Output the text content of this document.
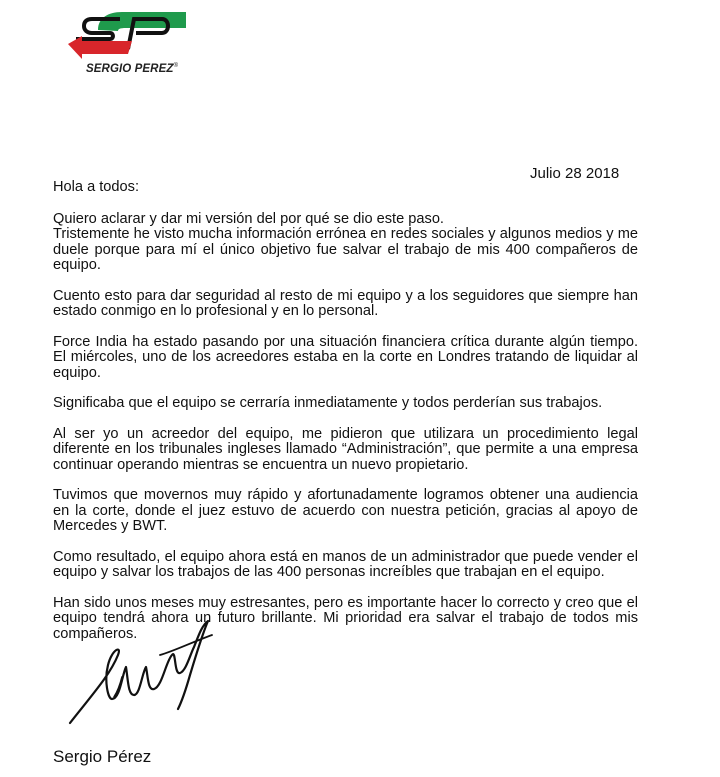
SERGIO PEREZ®
Julio 28 2018

Hola a todos:

Quiero aclarar y dar mi versión del por qué se dio este paso.

Tristemente he visto mucha información errónea en redes sociales y algunos medios y me duele porque para mí el único objetivo fue salvar el trabajo de mis 400 compañeros de equipo.

Cuento esto para dar seguridad al resto de mi equipo y a los seguidores que siempre han estado conmigo en lo profesional y en lo personal.

Force India ha estado pasando por una situación financiera crítica durante algún tiempo. El miércoles, uno de los acreedores estaba en la corte en Londres tratando de liquidar al equipo.

Significaba que el equipo se cerraría inmediatamente y todos perderían sus trabajos.

Al ser yo un acreedor del equipo, me pidieron que utilizara un procedimiento legal diferente en los tribunales ingleses llamado “Administración”, que permite a una empresa continuar operando mientras se encuentra un nuevo propietario.

Tuvimos que movernos muy rápido y afortunadamente logramos obtener una audiencia en la corte, donde el juez estuvo de acuerdo con nuestra petición, gracias al apoyo de Mercedes y BWT.

Como resultado, el equipo ahora está en manos de un administrador que puede vender el equipo y salvar los trabajos de las 400 personas increíbles que trabajan en el equipo.

Han sido unos meses muy estresantes, pero es importante hacer lo correcto y creo que el equipo tendrá ahora un futuro brillante. Mi prioridad era salvar el trabajo de todos mis compañeros.

Sergio Pérez
